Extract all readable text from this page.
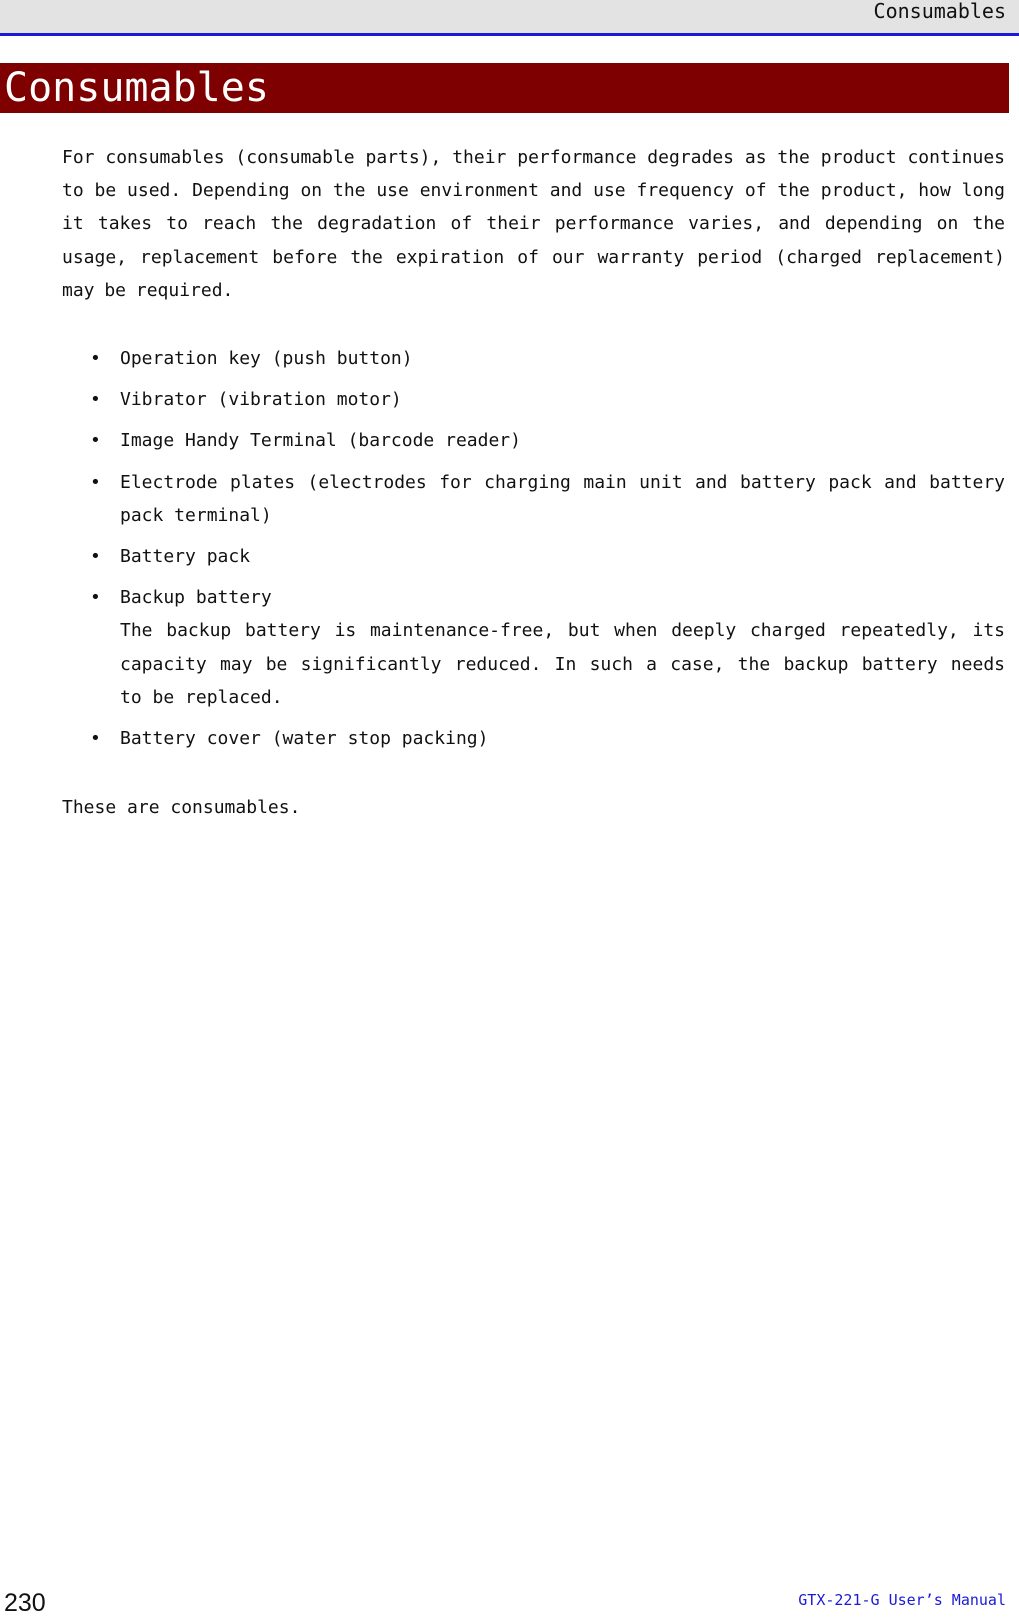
Consumables
Consumables

For consumables (consumable parts), their performance degrades as the product continues to be used. Depending on the use environment and use frequency of the product, how long it takes to reach the degradation of their performance varies, and depending on the usage, replacement before the expiration of our warranty period (charged replacement) may be required.

• Operation key (push button)
• Vibrator (vibration motor)
• Image Handy Terminal (barcode reader)
• Electrode plates (electrodes for charging main unit and battery pack and battery pack terminal)
• Battery pack
• Backup battery
The backup battery is maintenance-free, but when deeply charged repeatedly, its capacity may be significantly reduced. In such a case, the backup battery needs to be replaced.
• Battery cover (water stop packing)

These are consumables.

230	GTX-221-G User’s Manual
